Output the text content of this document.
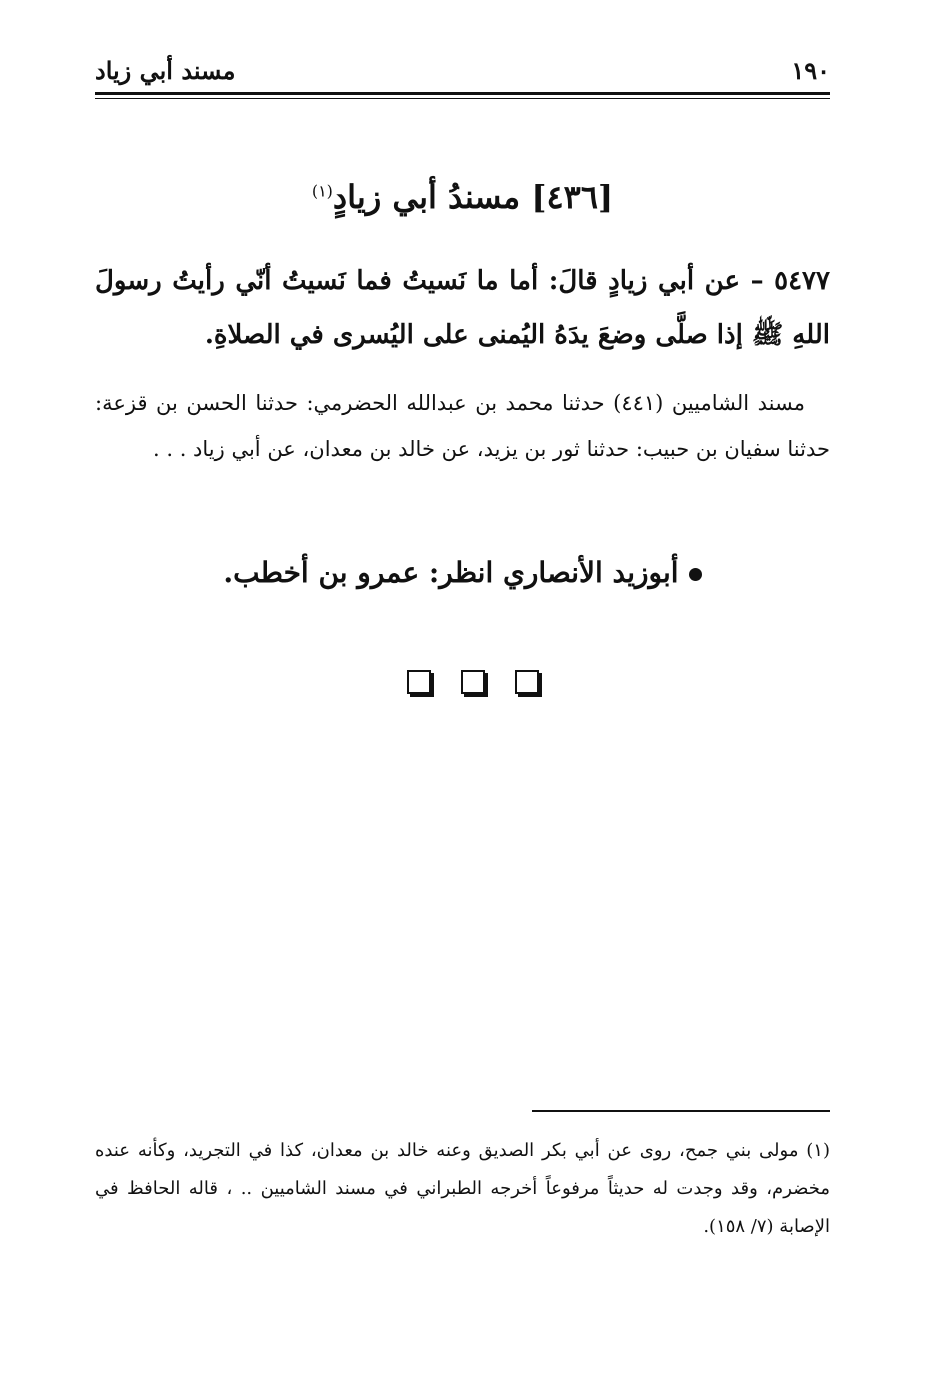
مسند أبي زياد	١٩٠
[٤٣٦] مسندُ أبي زيادٍ$^{(١)}$
٥٤٧٧ – عن أبي زيادٍ قالَ: أما ما نَسيتُ فما نَسيتُ أنّي رأيتُ رسولَ اللهِ ﷺ إذا صلَّى وضعَ يدَهُ اليُمنى على اليُسرى في الصلاةِ.
مسند الشاميين (٤٤١) حدثنا محمد بن عبدالله الحضرمي: حدثنا الحسن بن قزعة: حدثنا سفيان بن حبيب: حدثنا ثور بن يزيد، عن خالد بن معدان، عن أبي زياد . . .
أبوزيد الأنصاري انظر: عمرو بن أخطب.
(١) مولى بني جمح، روى عن أبي بكر الصديق وعنه خالد بن معدان، كذا في التجريد، وكأنه عنده مخضرم، وقد وجدت له حديثاً مرفوعاً أخرجه الطبراني في مسند الشاميين .. ، قاله الحافظ في الإصابة (٧/ ١٥٨).
